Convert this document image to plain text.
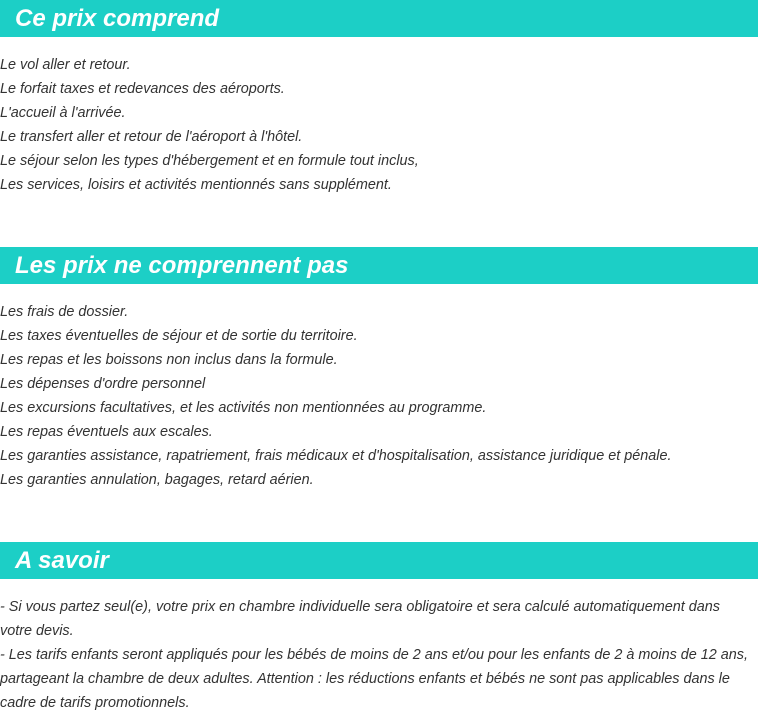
Ce prix comprend
Le vol aller et retour.
Le forfait taxes et redevances des aéroports.
L'accueil à l'arrivée.
Le transfert aller et retour de l'aéroport à l'hôtel.
Le séjour selon les types d'hébergement et en formule tout inclus,
Les services, loisirs et activités mentionnés sans supplément.
Les prix ne comprennent pas
Les frais de dossier.
Les taxes éventuelles de séjour et de sortie du territoire.
Les repas et les boissons non inclus dans la formule.
Les dépenses d'ordre personnel
Les excursions facultatives, et les activités non mentionnées au programme.
Les repas éventuels aux escales.
Les garanties assistance, rapatriement, frais médicaux et d'hospitalisation, assistance juridique et pénale.
Les garanties annulation, bagages, retard aérien.
A savoir

- Si vous partez seul(e), votre prix en chambre individuelle sera obligatoire et sera calculé automatiquement dans votre devis.

- Les tarifs enfants seront appliqués pour les bébés de moins de 2 ans et/ou pour les enfants de 2 à moins de 12 ans, partageant la chambre de deux adultes. Attention : les réductions enfants et bébés ne sont pas applicables dans le cadre de tarifs promotionnels.
